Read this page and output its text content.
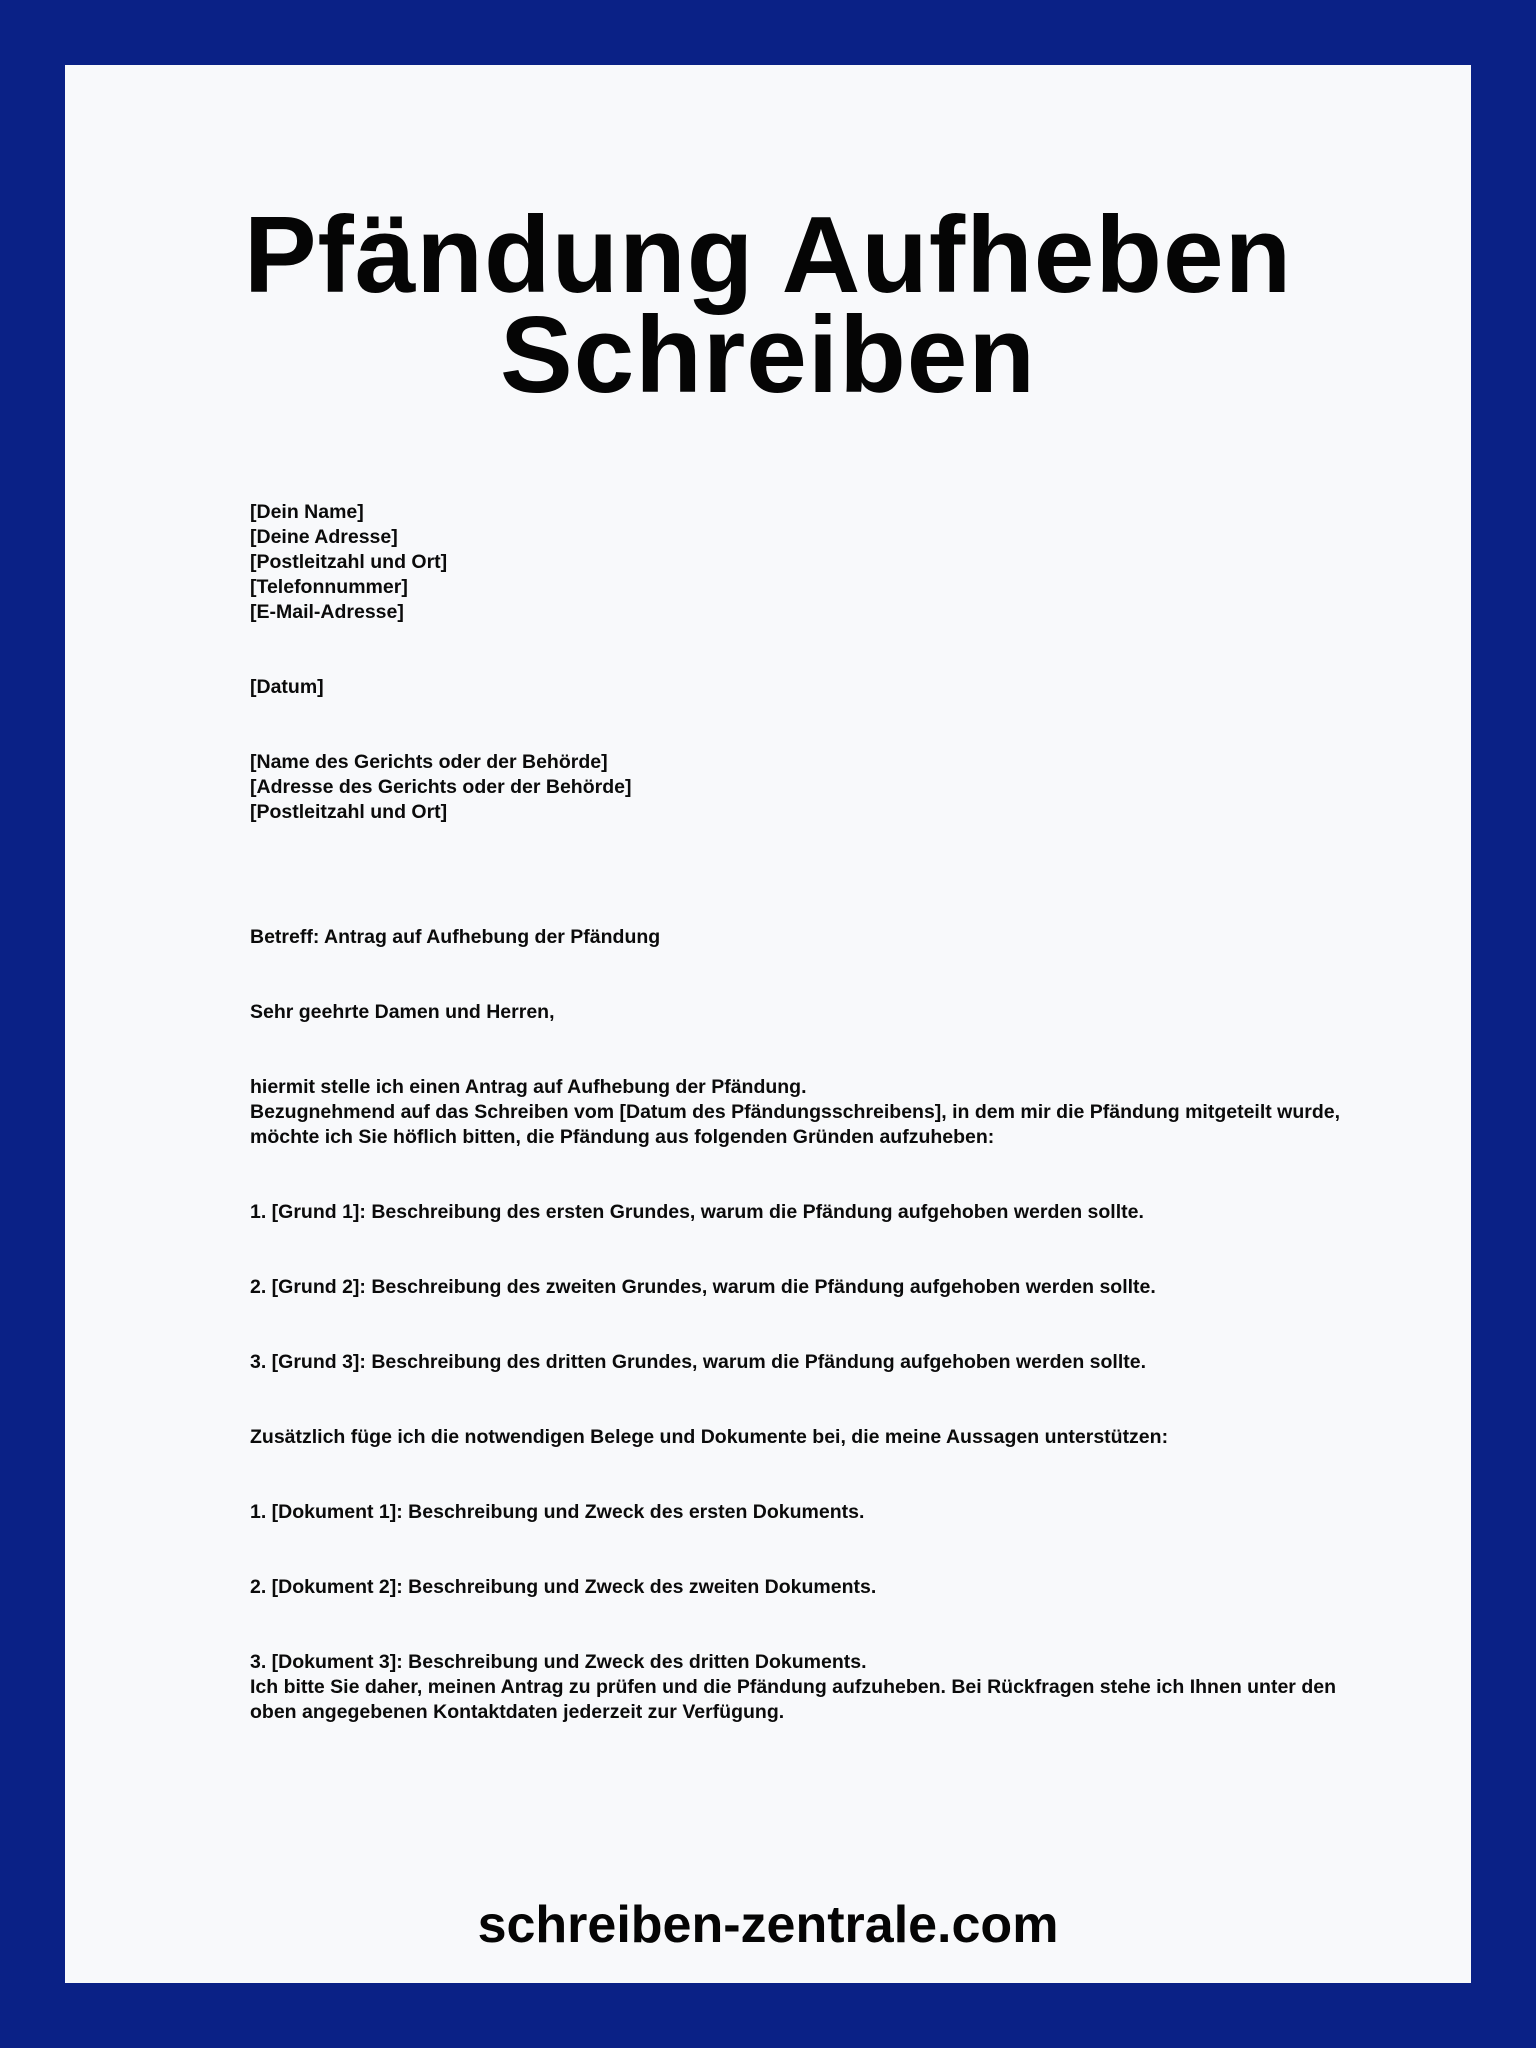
Pfändung Aufheben
Schreiben
[Dein Name]
[Deine Adresse]
[Postleitzahl und Ort]
[Telefonnummer]
[E-Mail-Adresse]
[Datum]
[Name des Gerichts oder der Behörde]
[Adresse des Gerichts oder der Behörde]
[Postleitzahl und Ort]
Betreff: Antrag auf Aufhebung der Pfändung
Sehr geehrte Damen und Herren,
hiermit stelle ich einen Antrag auf Aufhebung der Pfändung.

Bezugnehmend auf das Schreiben vom [Datum des Pfändungsschreibens], in dem mir die Pfändung mitgeteilt wurde, möchte ich Sie höflich bitten, die Pfändung aus folgenden Gründen aufzuheben:

1. [Grund 1]: Beschreibung des ersten Grundes, warum die Pfändung aufgehoben werden sollte.
2. [Grund 2]: Beschreibung des zweiten Grundes, warum die Pfändung aufgehoben werden sollte.
3. [Grund 3]: Beschreibung des dritten Grundes, warum die Pfändung aufgehoben werden sollte.
Zusätzlich füge ich die notwendigen Belege und Dokumente bei, die meine Aussagen unterstützen:
1. [Dokument 1]: Beschreibung und Zweck des ersten Dokuments.
2. [Dokument 2]: Beschreibung und Zweck des zweiten Dokuments.
3. [Dokument 3]: Beschreibung und Zweck des dritten Dokuments.

Ich bitte Sie daher, meinen Antrag zu prüfen und die Pfändung aufzuheben. Bei Rückfragen stehe ich Ihnen unter den oben angegebenen Kontaktdaten jederzeit zur Verfügung.

schreiben-zentrale.com
